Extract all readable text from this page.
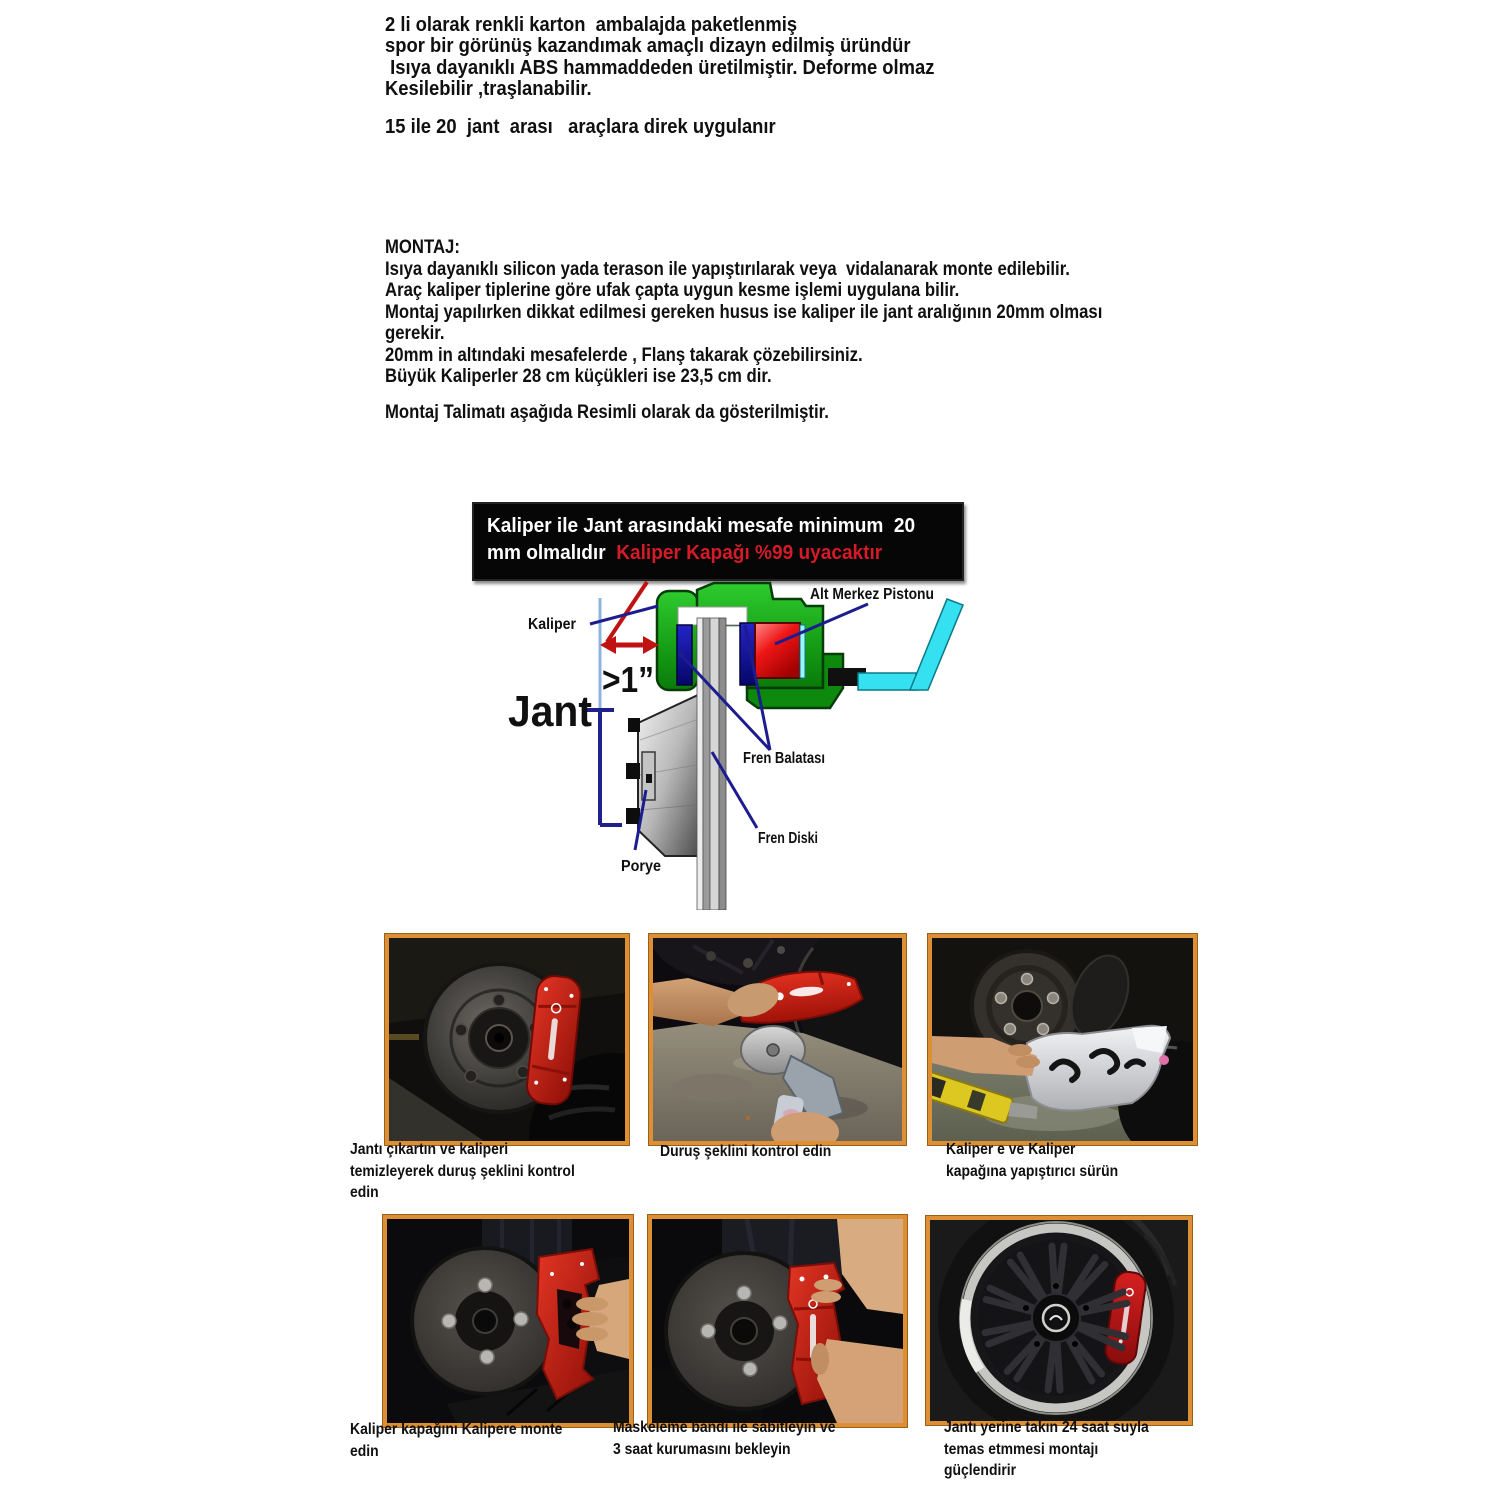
2 li olarak renkli karton  ambalajda paketlenmiş
spor bir görünüş kazandımak amaçlı dizayn edilmiş üründür
Isıya dayanıklı ABS hammaddeden üretilmiştir. Deforme olmaz
Kesilebilir ,traşlanabilir.
15 ile 20  jant  arası   araçlara direk uygulanır
MONTAJ:
Isıya dayanıklı silicon yada terason ile yapıştırılarak veya  vidalanarak monte edilebilir.
Araç kaliper tiplerine göre ufak çapta uygun kesme işlemi uygulana bilir.
Montaj yapılırken dikkat edilmesi gereken husus ise kaliper ile jant aralığının 20mm olması
gerekir.
20mm in altındaki mesafelerde , Flanş takarak çözebilirsiniz.
Büyük Kaliperler 28 cm küçükleri ise 23,5 cm dir.
Montaj Talimatı aşağıda Resimli olarak da gösterilmiştir.
Kaliper ile Jant arasındaki mesafe minimum  20
mm olmalıdır  Kaliper Kapağı %99 uyacaktır
>1”
Kaliper
Alt Merkez Pistonu
Jant
Fren Balatası
Fren Diski
Porye
Jantı çıkartın ve kaliperi
temizleyerek duruş şeklini kontrol
edin
Duruş şeklini kontrol edin	Kaliper e ve Kaliper
kapağına yapıştırıcı sürün
Kaliper kapağını Kalipere monte
edin
Maskeleme bandı ile sabitleyin ve
3 saat kurumasını bekleyin
Jantı yerine takın 24 saat suyla
temas etmmesi montajı
güçlendirir
